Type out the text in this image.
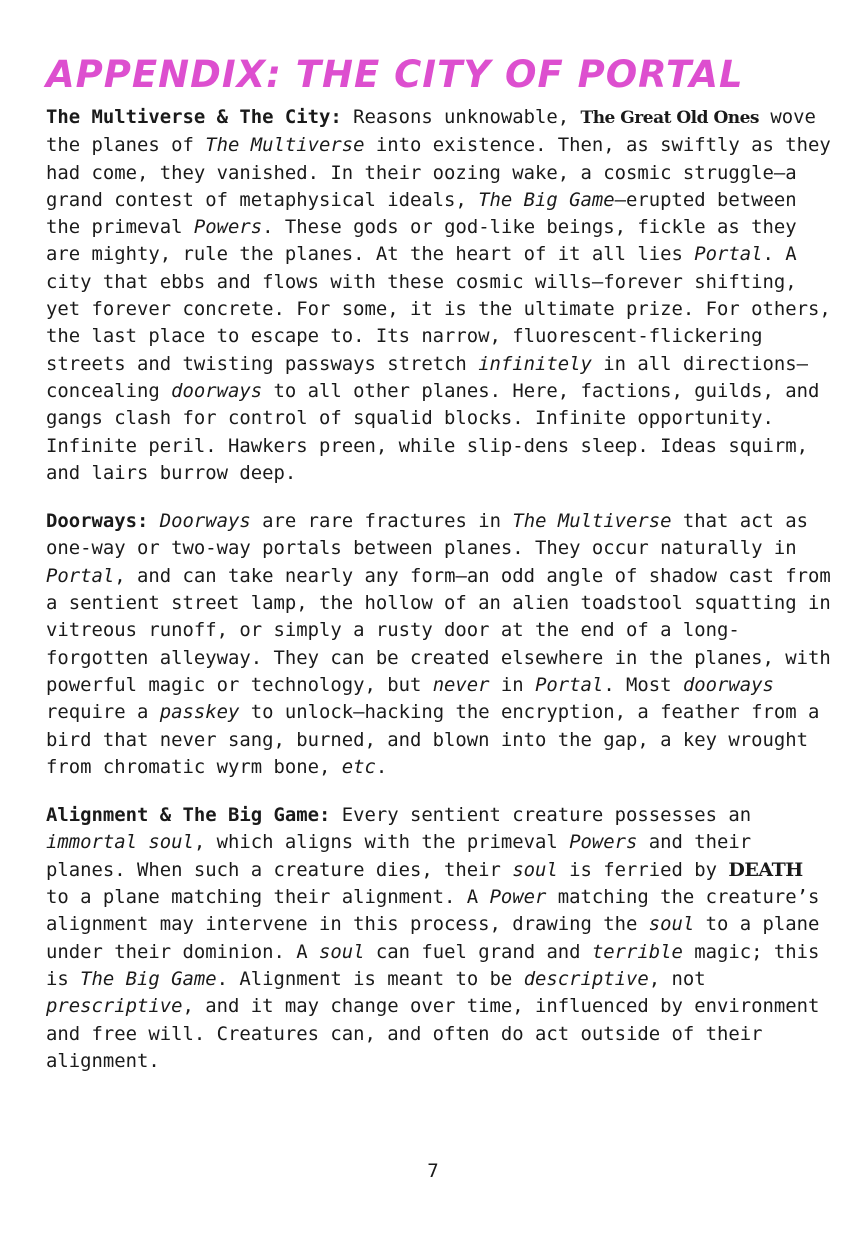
APPENDIX: THE CITY OF PORTAL

The Multiverse & The City: Reasons unknowable, The Great Old Ones wove the planes of The Multiverse into existence. Then, as swiftly as they had come, they vanished. In their oozing wake, a cosmic struggle—a grand contest of metaphysical ideals, The Big Game—erupted between the primeval Powers. These gods or god-like beings, fickle as they are mighty, rule the planes. At the heart of it all lies Portal. A city that ebbs and flows with these cosmic wills—forever shifting, yet forever concrete. For some, it is the ultimate prize. For others, the last place to escape to. Its narrow, fluorescent-flickering streets and twisting passways stretch infinitely in all directions—concealing doorways to all other planes. Here, factions, guilds, and gangs clash for control of squalid blocks. Infinite opportunity. Infinite peril. Hawkers preen, while slip-dens sleep. Ideas squirm, and lairs burrow deep.

Doorways: Doorways are rare fractures in The Multiverse that act as one-way or two-way portals between planes. They occur naturally in Portal, and can take nearly any form—an odd angle of shadow cast from a sentient street lamp, the hollow of an alien toadstool squatting in vitreous runoff, or simply a rusty door at the end of a long-forgotten alleyway. They can be created elsewhere in the planes, with powerful magic or technology, but never in Portal. Most doorways require a passkey to unlock—hacking the encryption, a feather from a bird that never sang, burned, and blown into the gap, a key wrought from chromatic wyrm bone, etc.

Alignment & The Big Game: Every sentient creature possesses an immortal soul, which aligns with the primeval Powers and their planes. When such a creature dies, their soul is ferried by DEATH to a plane matching their alignment. A Power matching the creature’s alignment may intervene in this process, drawing the soul to a plane under their dominion. A soul can fuel grand and terrible magic; this is The Big Game. Alignment is meant to be descriptive, not prescriptive, and it may change over time, influenced by environment and free will. Creatures can, and often do act outside of their alignment.

7
